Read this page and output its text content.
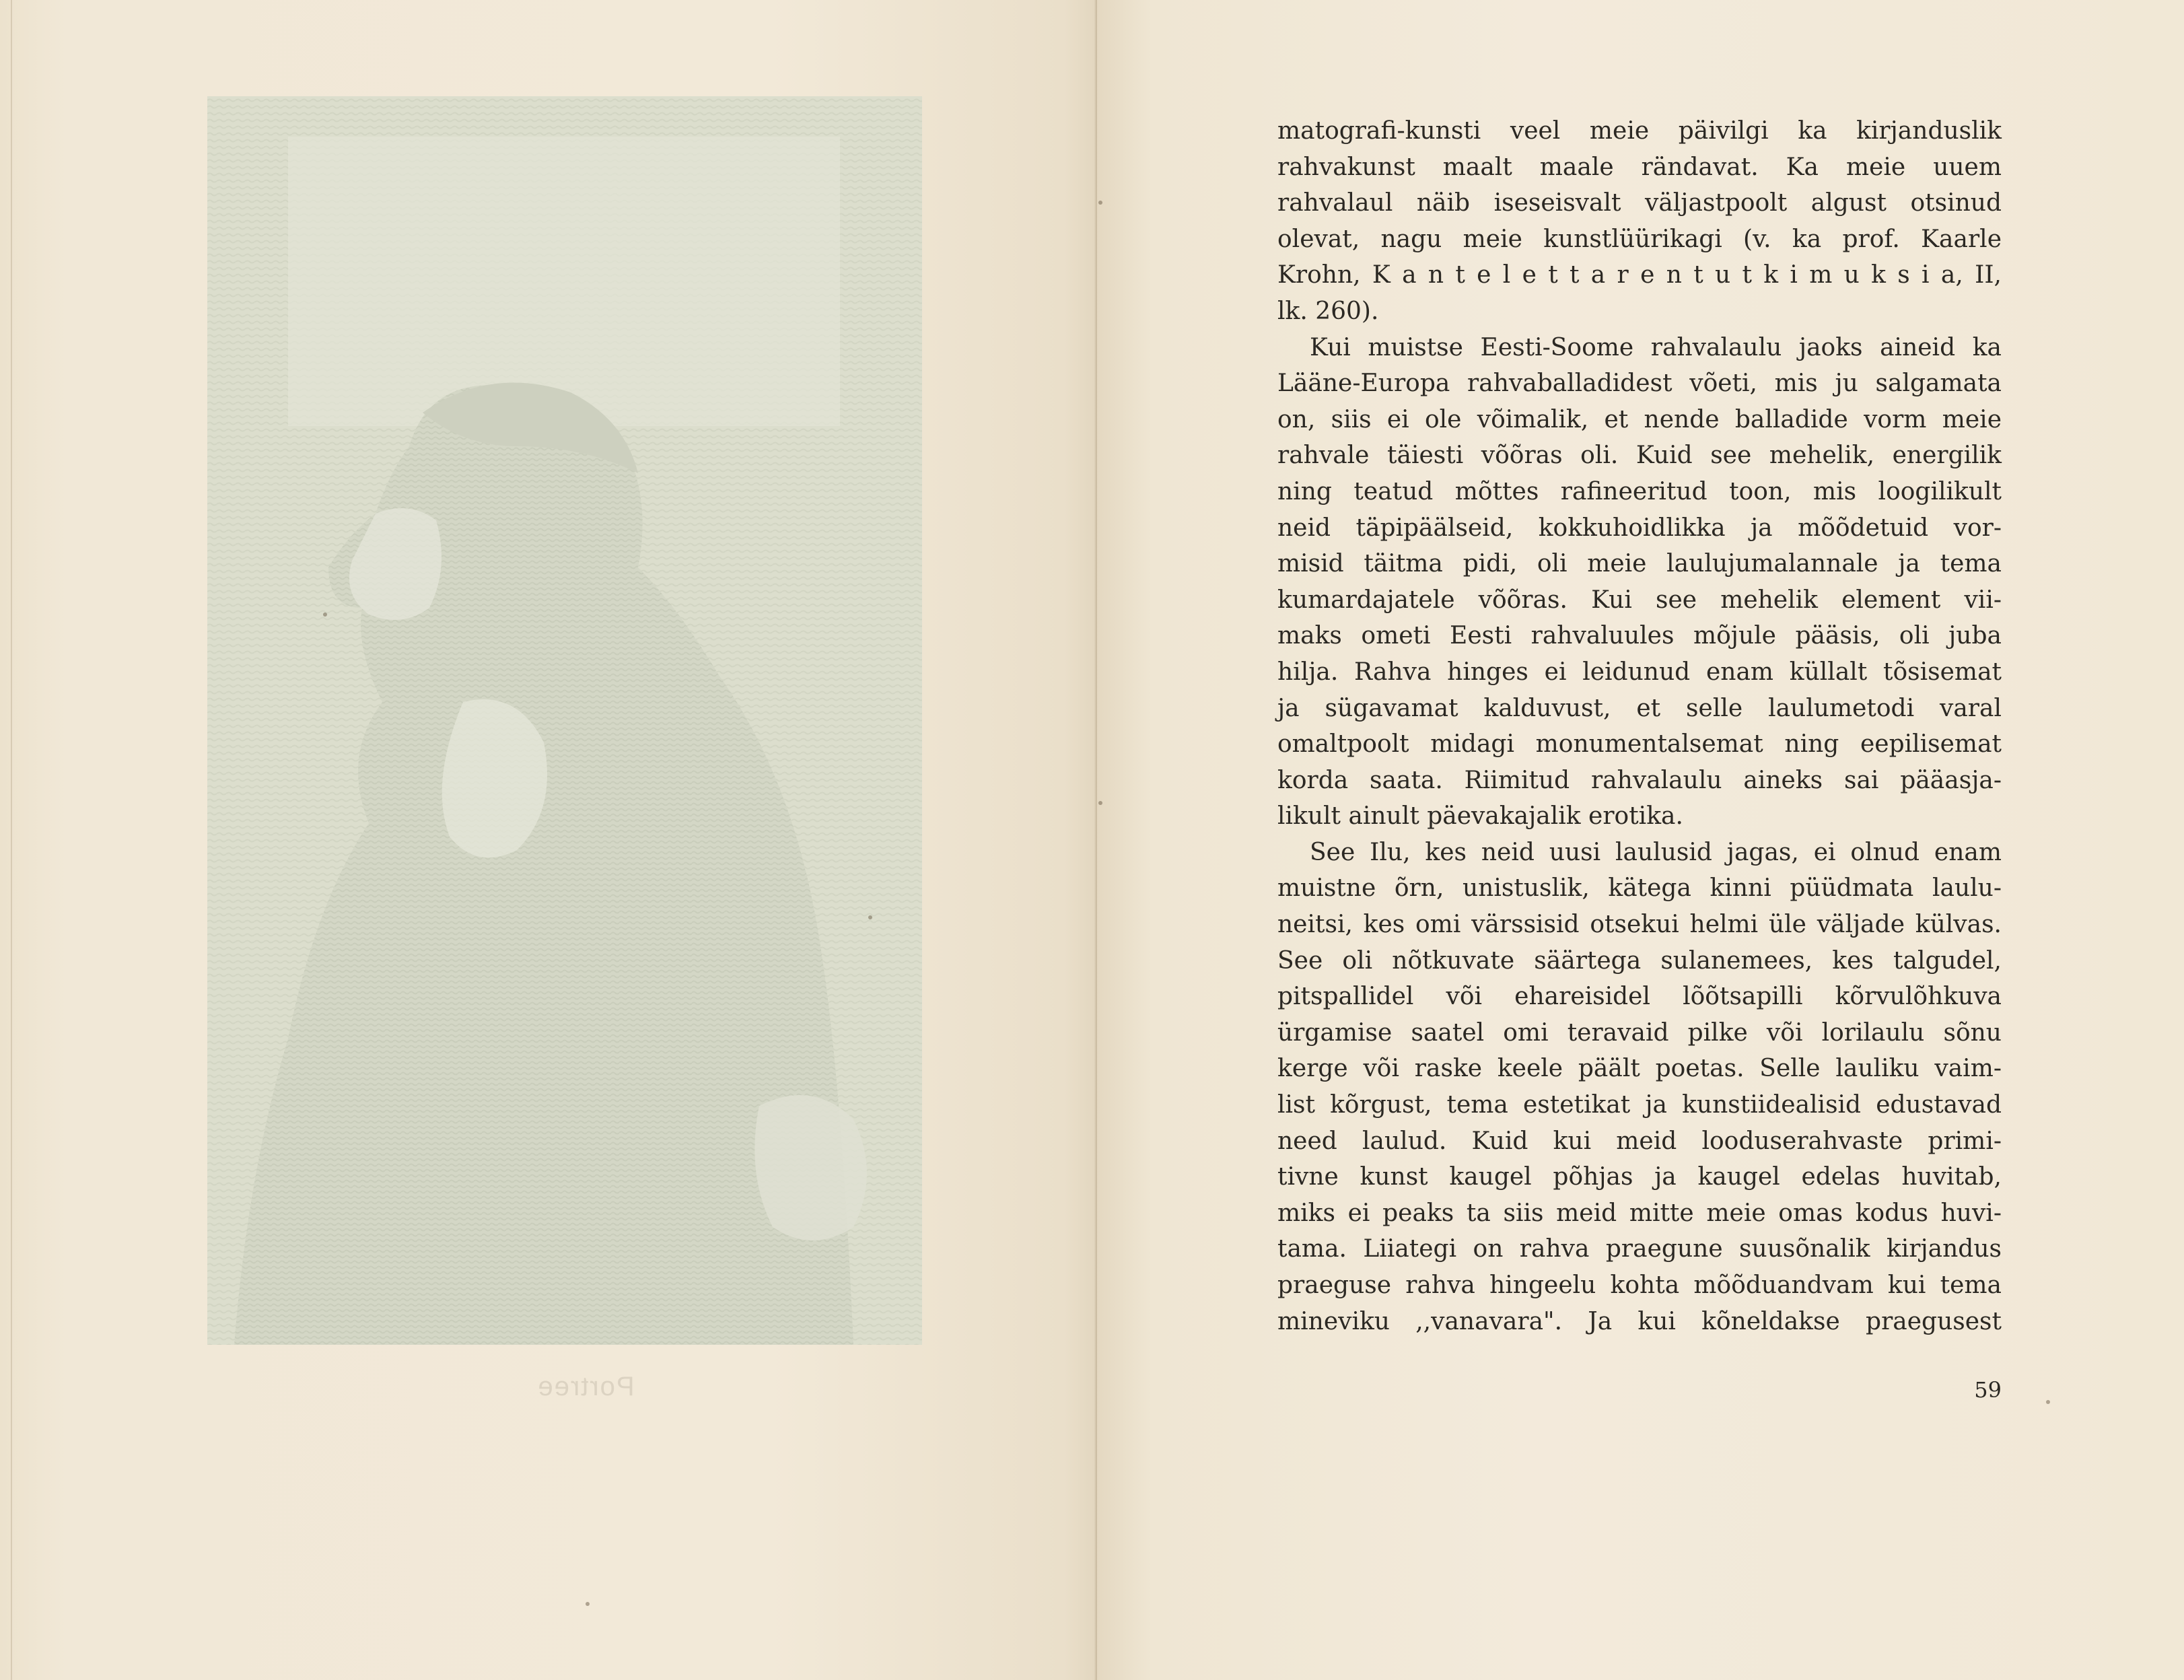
Portree
matografi-kunsti veel meie päivilgi ka kirjanduslik
rahvakunst maalt maale rändavat. Ka meie uuem
rahvalaul näib iseseisvalt väljastpoolt algust otsinud
olevat, nagu meie kunstlüürikagi (v. ka prof. Kaarle
Krohn, K a n t e l e t t a r e n t u t k i m u k s i a, II,
lk. 260).
Kui muistse Eesti-Soome rahvalaulu jaoks aineid ka
Lääne-Europa rahvaballadidest võeti, mis ju salgamata
on, siis ei ole võimalik, et nende balladide vorm meie
rahvale täiesti võõras oli. Kuid see mehelik, energilik
ning teatud mõttes rafineeritud toon, mis loogilikult
neid täpipäälseid, kokkuhoidlikka ja mõõdetuid vor-
misid täitma pidi, oli meie laulujumalannale ja tema
kumardajatele võõras. Kui see mehelik element vii-
maks ometi Eesti rahvaluules mõjule pääsis, oli juba
hilja. Rahva hinges ei leidunud enam küllalt tõsisemat
ja sügavamat kalduvust, et selle laulumetodi varal
omaltpoolt midagi monumentalsemat ning eepilisemat
korda saata. Riimitud rahvalaulu aineks sai pääasja-
likult ainult päevakajalik erotika.
See Ilu, kes neid uusi laulusid jagas, ei olnud enam
muistne õrn, unistuslik, kätega kinni püüdmata laulu-
neitsi, kes omi värssisid otsekui helmi üle väljade külvas.
See oli nõtkuvate säärtega sulanemees, kes talgudel,
pitspallidel või ehareisidel lõõtsapilli kõrvulõhkuva
ürgamise saatel omi teravaid pilke või lorilaulu sõnu
kerge või raske keele päält poetas. Selle lauliku vaim-
list kõrgust, tema estetikat ja kunstiidealisid edustavad
need laulud. Kuid kui meid looduserahvaste primi-
tivne kunst kaugel põhjas ja kaugel edelas huvitab,
miks ei peaks ta siis meid mitte meie omas kodus huvi-
tama. Liiategi on rahva praegune suusõnalik kirjandus
praeguse rahva hingeelu kohta mõõduandvam kui tema
mineviku ,,vanavara". Ja kui kõneldakse praegusest
59
